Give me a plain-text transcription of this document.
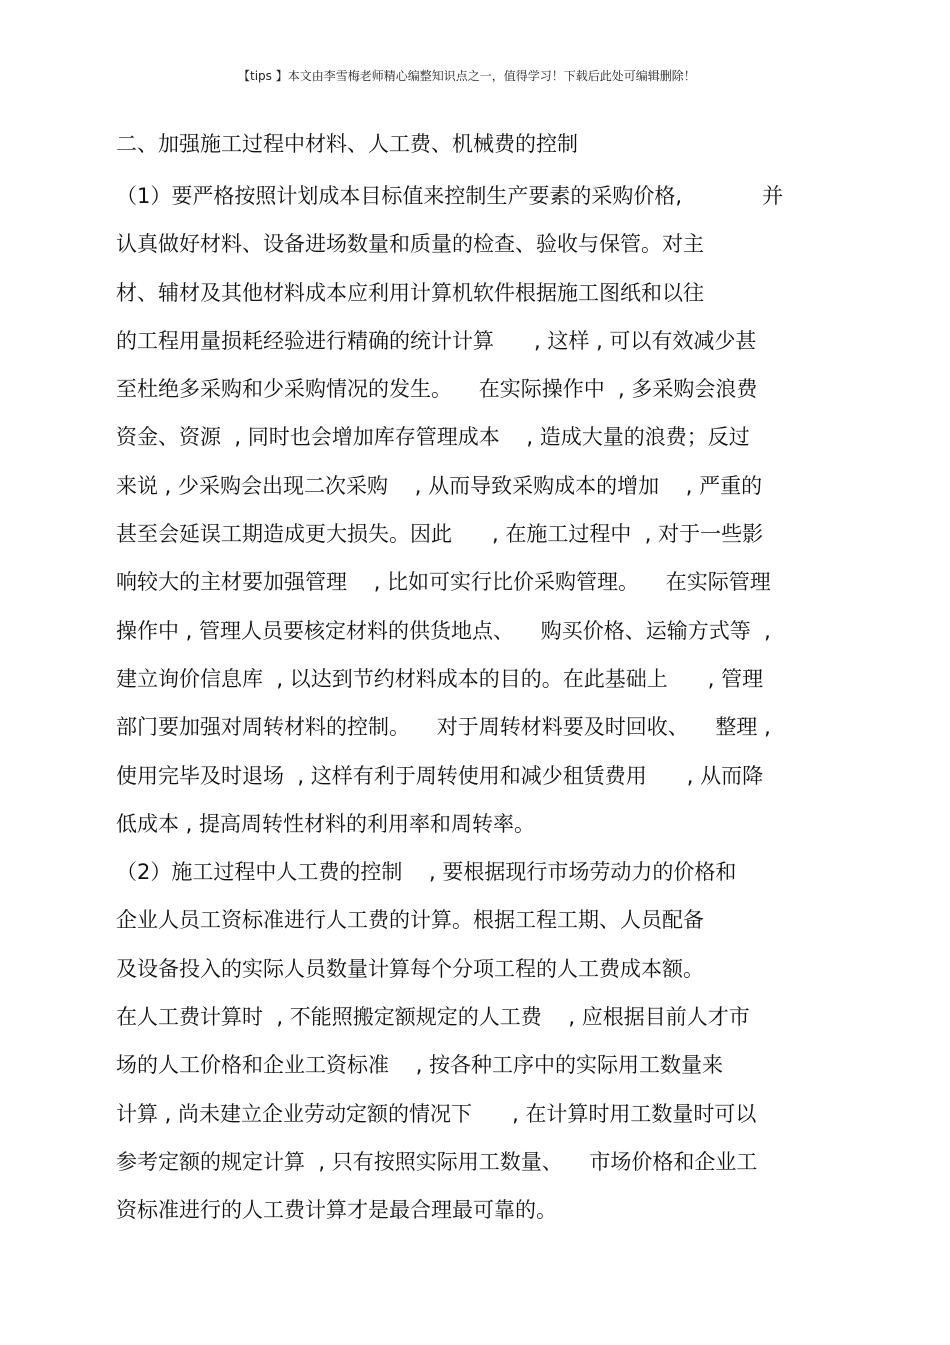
【tips 】本文由李雪梅老师精心编整知识点之一，值得学习！下载后此处可编辑删除！
二、加强施工过程中材料、人工费、机械费的控制
（1）要严格按照计划成本目标值来控制生产要素的采购价格,            并
认真做好材料、设备进场数量和质量的检查、验收与保管。对主
材、辅材及其他材料成本应利用计算机软件根据施工图纸和以往
的工程用量损耗经验进行精确的统计计算      , 这样 , 可以有效减少甚
至杜绝多采购和少采购情况的发生。    在实际操作中  , 多采购会浪费
资金、资源  , 同时也会增加库存管理成本    , 造成大量的浪费；反过
来说 , 少采购会出现二次采购    , 从而导致采购成本的增加    , 严重的
甚至会延误工期造成更大损失。因此      , 在施工过程中  , 对于一些影
响较大的主材要加强管理    , 比如可实行比价采购管理。    在实际管理
操作中 , 管理人员要核定材料的供货地点、    购买价格、运输方式等  ,
建立询价信息库  , 以达到节约材料成本的目的。在此基础上      , 管理
部门要加强对周转材料的控制。    对于周转材料要及时回收、    整理 ,
使用完毕及时退场  , 这样有利于周转使用和减少租赁费用      , 从而降
低成本 , 提高周转性材料的利用率和周转率。
（2）施工过程中人工费的控制    , 要根据现行市场劳动力的价格和
企业人员工资标准进行人工费的计算。根据工程工期、人员配备
及设备投入的实际人员数量计算每个分项工程的人工费成本额。
在人工费计算时  , 不能照搬定额规定的人工费    , 应根据目前人才市
场的人工价格和企业工资标准    , 按各种工序中的实际用工数量来
计算 , 尚未建立企业劳动定额的情况下      , 在计算时用工数量时可以
参考定额的规定计算  , 只有按照实际用工数量、    市场价格和企业工
资标准进行的人工费计算才是最合理最可靠的。
